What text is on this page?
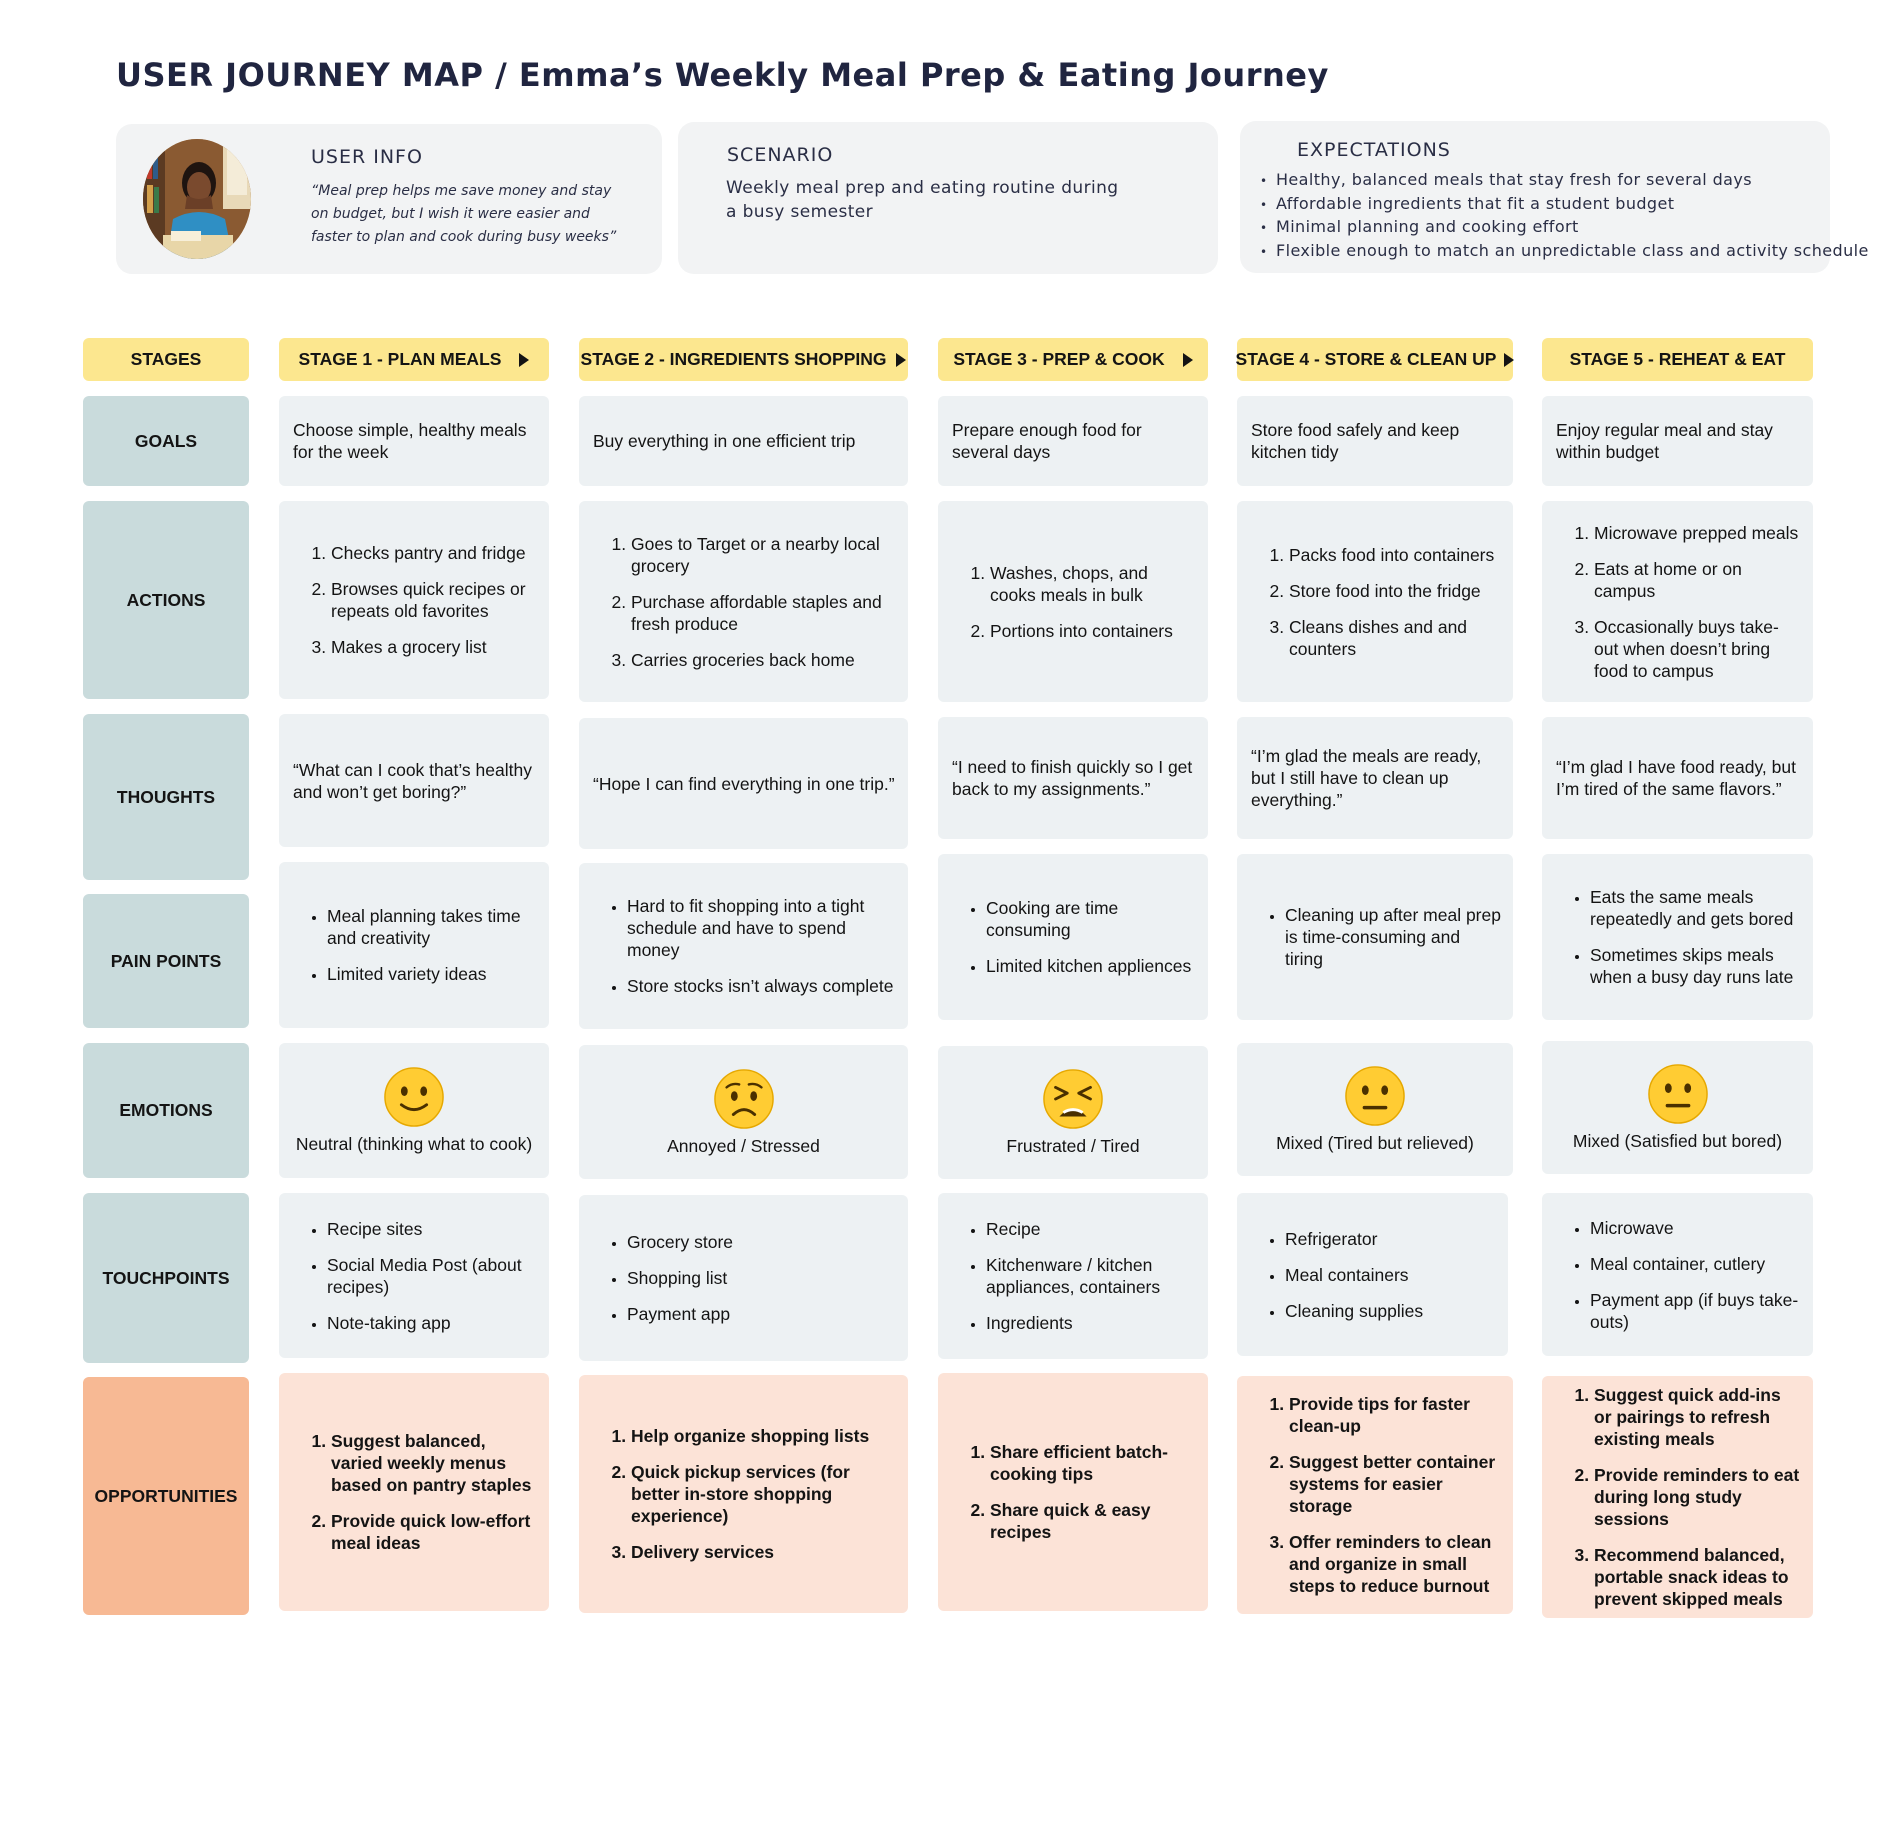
USER JOURNEY MAP / Emma’s Weekly Meal Prep & Eating Journey
USER INFO
“Meal prep helps me save money and stay on budget, but I wish it were easier and faster to plan and cook during busy weeks”
SCENARIO
Weekly meal prep and eating routine during a busy semester
EXPECTATIONS
• Healthy, balanced meals that stay fresh for several days
• Affordable ingredients that fit a student budget
• Minimal planning and cooking effort
• Flexible enough to match an unpredictable class and activity schedule
STAGES
GOALS
ACTIONS
THOUGHTS
PAIN POINTS
EMOTIONS
TOUCHPOINTS
OPPORTUNITIES
STAGE 1 - PLAN MEALS
Choose simple, healthy meals for the week
1. Checks pantry and fridge
2. Browses quick recipes or repeats old favorites
3. Makes a grocery list
“What can I cook that’s healthy and won’t get boring?”
• Meal planning takes time and creativity
• Limited variety ideas
Neutral (thinking what to cook)
• Recipe sites
• Social Media Post (about recipes)
• Note-taking app
1. Suggest balanced, varied weekly menus based on pantry staples
2. Provide quick low-effort meal ideas
STAGE 2 - INGREDIENTS SHOPPING
Buy everything in one efficient trip
1. Goes to Target or a nearby local grocery
2. Purchase affordable staples and fresh produce
3. Carries groceries back home
“Hope I can find everything in one trip.”
• Hard to fit shopping into a tight schedule and have to spend money
• Store stocks isn’t always complete
Annoyed / Stressed
• Grocery store
• Shopping list
• Payment app
1. Help organize shopping lists
2. Quick pickup services (for better in-store shopping experience)
3. Delivery services
STAGE 3 - PREP & COOK
Prepare enough food for several days
1. Washes, chops, and cooks meals in bulk
2. Portions into containers
“I need to finish quickly so I get back to my assignments.”
• Cooking are time consuming
• Limited kitchen appliences
Frustrated / Tired
• Recipe
• Kitchenware / kitchen appliances, containers
• Ingredients
1. Share efficient batch-cooking tips
2. Share quick & easy recipes
STAGE 4 - STORE & CLEAN UP
Store food safely and keep kitchen tidy
1. Packs food into containers
2. Store food into the fridge
3. Cleans dishes and and counters
“I’m glad the meals are ready, but I still have to clean up everything.”
• Cleaning up after meal prep is time-consuming and tiring
Mixed (Tired but relieved)
• Refrigerator
• Meal containers
• Cleaning supplies
1. Provide tips for faster clean-up
2. Suggest better container systems for easier storage
3. Offer reminders to clean and organize in small steps to reduce burnout
STAGE 5 - REHEAT & EAT
Enjoy regular meal and stay within budget
1. Microwave prepped meals
2. Eats at home or on campus
3. Occasionally buys take-out when doesn’t bring food to campus
“I’m glad I have food ready, but I’m tired of the same flavors.”
• Eats the same meals repeatedly and gets bored
• Sometimes skips meals when a busy day runs late
Mixed (Satisfied but bored)
• Microwave
• Meal container, cutlery
• Payment app (if buys take-outs)
1. Suggest quick add-ins or pairings to refresh existing meals
2. Provide reminders to eat during long study sessions
3. Recommend balanced, portable snack ideas to prevent skipped meals
